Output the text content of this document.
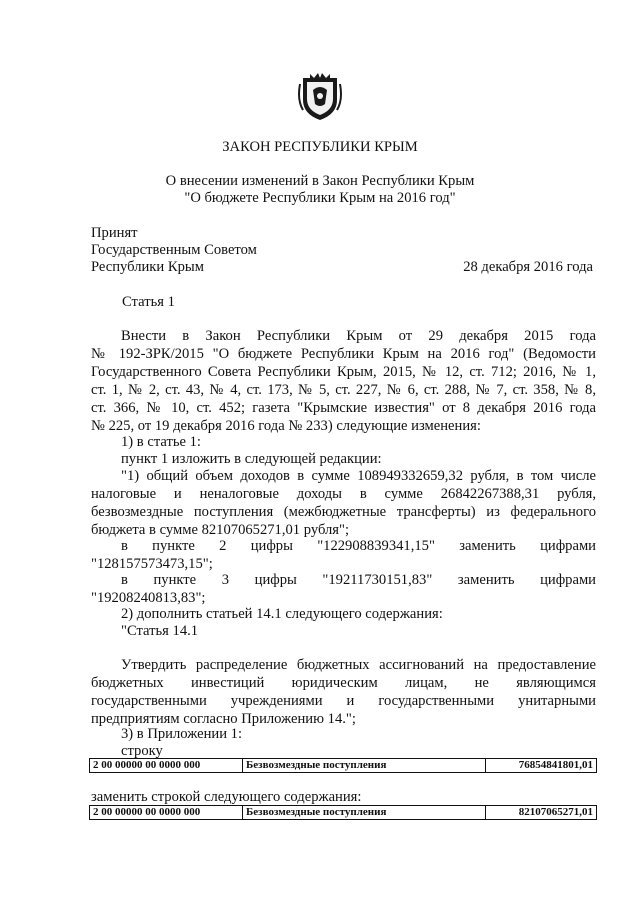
ЗАКОН РЕСПУБЛИКИ КРЫМ
О внесении изменений в Закон Республики Крым
"О бюджете Республики Крым на 2016 год"
Принят
Государственным Советом
Республики Крым	28 декабря 2016 года
Статья 1
Внести в Закон Республики Крым от 29 декабря 2015 года
№ 192-ЗРК/2015 "О бюджете Республики Крым на 2016 год" (Ведомости
Государственного Совета Республики Крым, 2015, № 12, ст. 712; 2016, № 1,
ст. 1, № 2, ст. 43, № 4, ст. 173, № 5, ст. 227, № 6, ст. 288, № 7, ст. 358, № 8,
ст. 366, № 10, ст. 452; газета "Крымские известия" от 8 декабря 2016 года
№ 225, от 19 декабря 2016 года № 233) следующие изменения:
1) в статье 1:
пункт 1 изложить в следующей редакции:
"1) общий объем доходов в сумме 108949332659,32 рубля, в том числе
налоговые и неналоговые доходы в сумме 26842267388,31 рубля,
безвозмездные поступления (межбюджетные трансферты) из федерального
бюджета в сумме 82107065271,01 рубля";
в пункте 2 цифры "122908839341,15" заменить цифрами
"128157573473,15";
в пункте 3 цифры "19211730151,83" заменить цифрами
"19208240813,83";
2) дополнить статьей 14.1 следующего содержания:
"Статья 14.1
Утвердить распределение бюджетных ассигнований на предоставление
бюджетных инвестиций юридическим лицам, не являющимся
государственными учреждениями и государственными унитарными
предприятиям согласно Приложению 14.";
3) в Приложении 1:
строку
2 00 00000 00 0000 000	Безвозмездные поступления	76854841801,01
заменить строкой следующего содержания:
2 00 00000 00 0000 000	Безвозмездные поступления	82107065271,01
